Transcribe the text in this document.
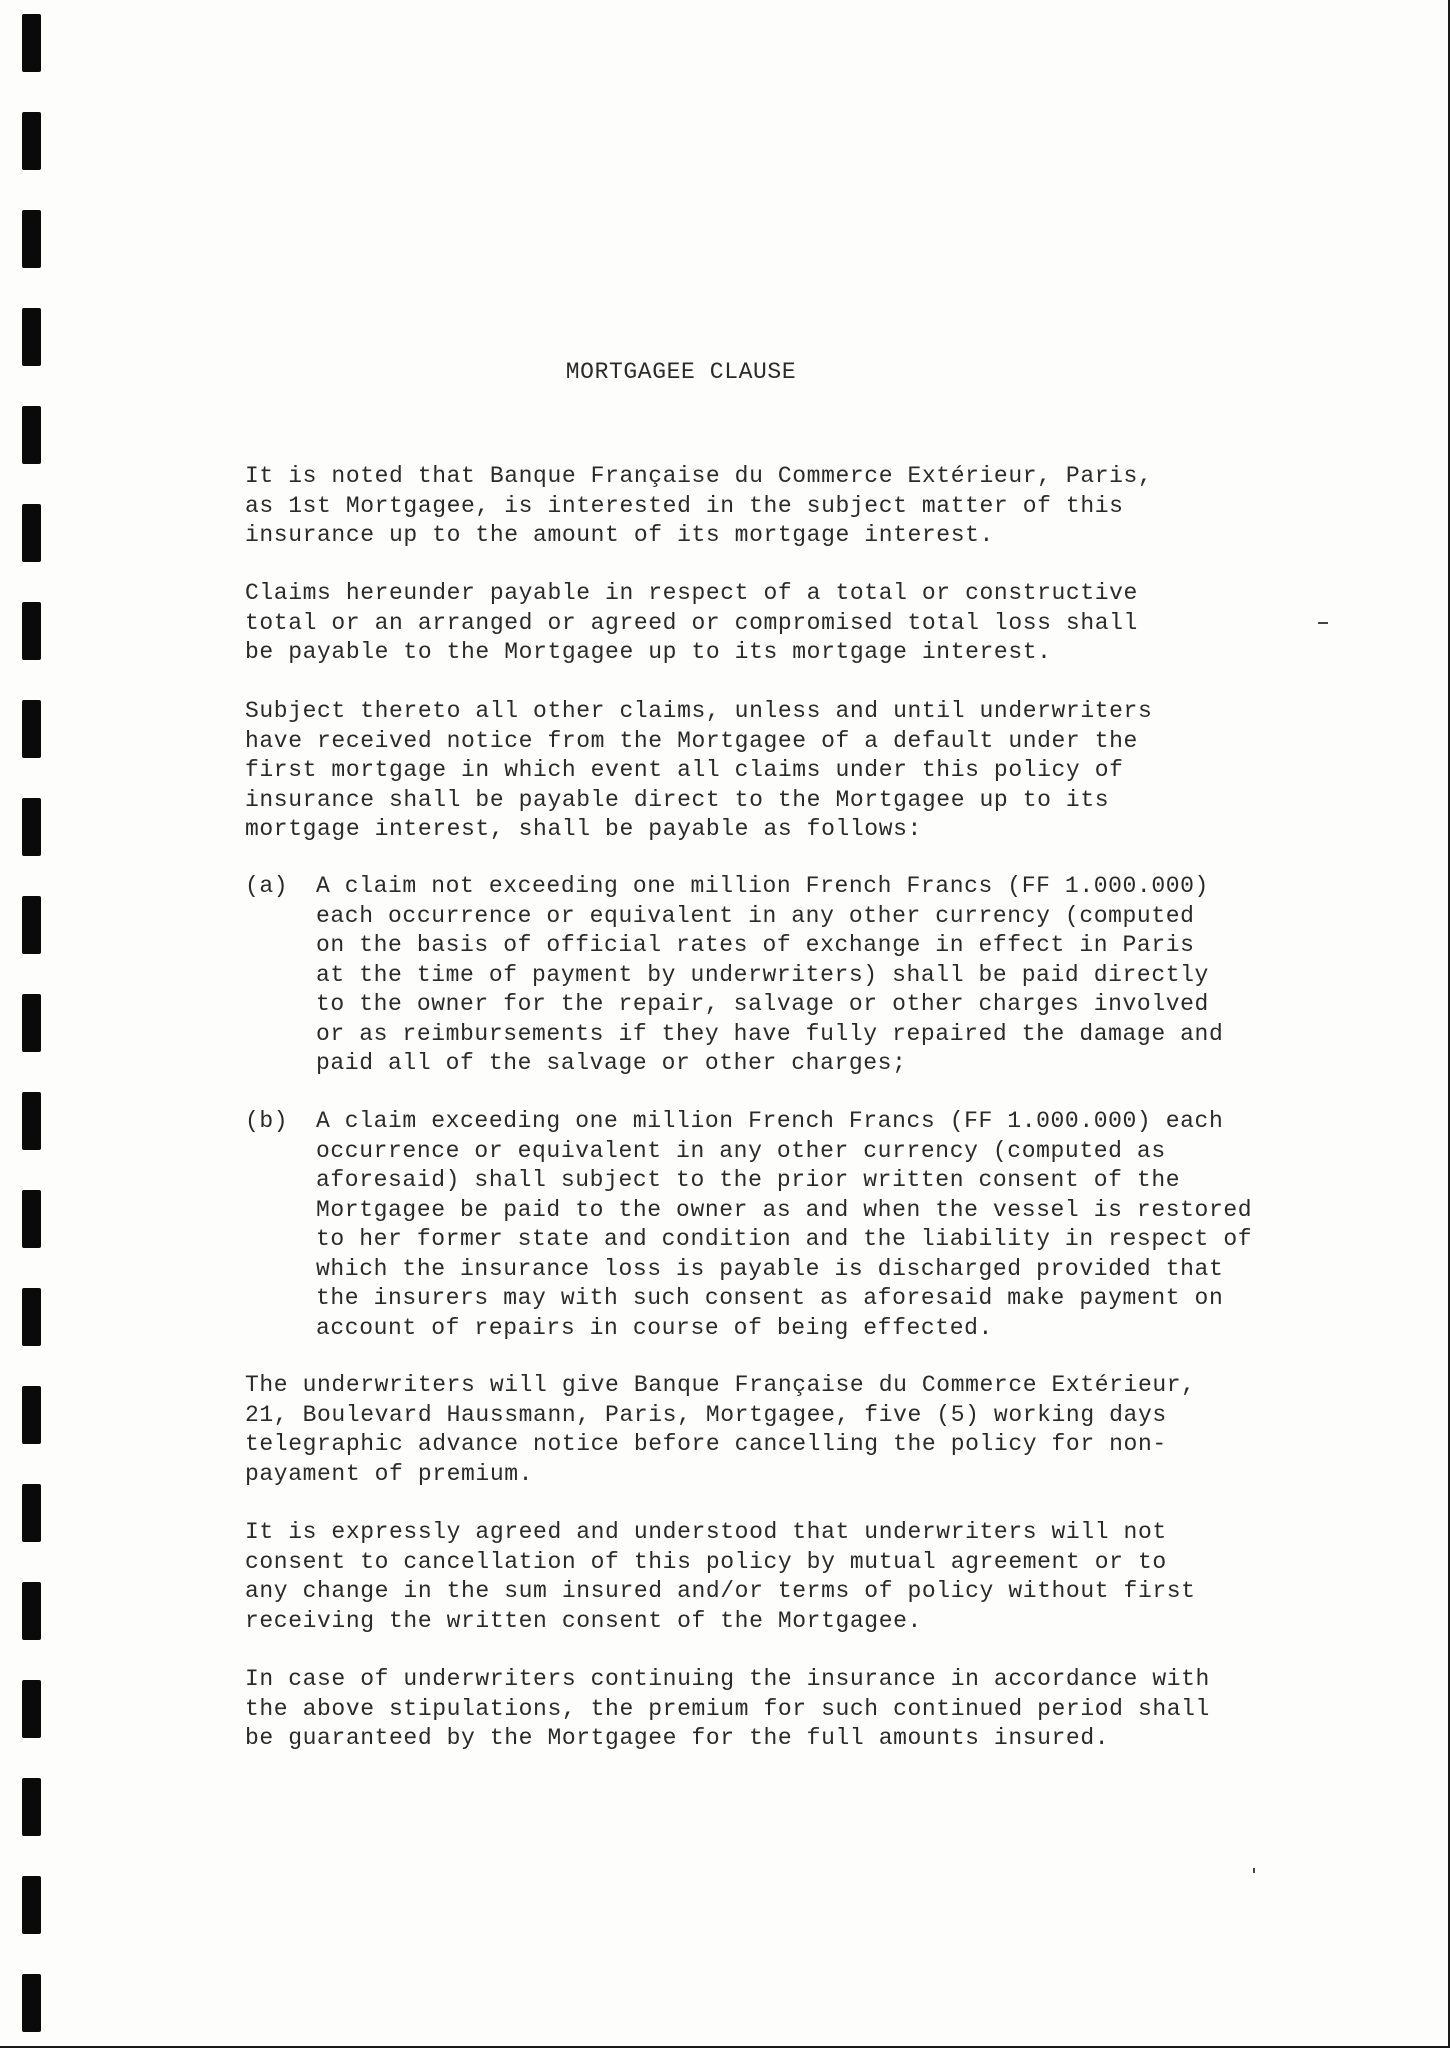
MORTGAGEE CLAUSE
It is noted that Banque Française du Commerce Extérieur, Paris,
as 1st Mortgagee, is interested in the subject matter of this
insurance up to the amount of its mortgage interest.
Claims hereunder payable in respect of a total or constructive
total or an arranged or agreed or compromised total loss shall
be payable to the Mortgagee up to its mortgage interest.
Subject thereto all other claims, unless and until underwriters
have received notice from the Mortgagee of a default under the
first mortgage in which event all claims under this policy of
insurance shall be payable direct to the Mortgagee up to its
mortgage interest, shall be payable as follows:
(a) A claim not exceeding one million French Francs (FF 1.000.000)
each occurrence or equivalent in any other currency (computed
on the basis of official rates of exchange in effect in Paris
at the time of payment by underwriters) shall be paid directly
to the owner for the repair, salvage or other charges involved
or as reimbursements if they have fully repaired the damage and
paid all of the salvage or other charges;
(b) A claim exceeding one million French Francs (FF 1.000.000) each
occurrence or equivalent in any other currency (computed as
aforesaid) shall subject to the prior written consent of the
Mortgagee be paid to the owner as and when the vessel is restored
to her former state and condition and the liability in respect of
which the insurance loss is payable is discharged provided that
the insurers may with such consent as aforesaid make payment on
account of repairs in course of being effected.
The underwriters will give Banque Française du Commerce Extérieur,
21, Boulevard Haussmann, Paris, Mortgagee, five (5) working days
telegraphic advance notice before cancelling the policy for non-
payament of premium.
It is expressly agreed and understood that underwriters will not
consent to cancellation of this policy by mutual agreement or to
any change in the sum insured and/or terms of policy without first
receiving the written consent of the Mortgagee.
In case of underwriters continuing the insurance in accordance with
the above stipulations, the premium for such continued period shall
be guaranteed by the Mortgagee for the full amounts insured.
